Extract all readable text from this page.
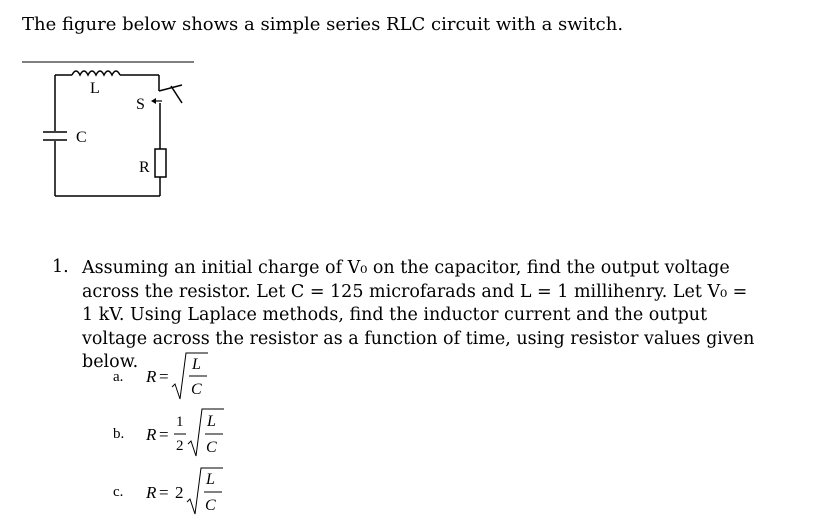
The figure below shows a simple series RLC circuit with a switch.
L
S
C
R
1. Assuming an initial charge of V₀ on the capacitor, find the output voltage across the resistor. Let C = 125 microfarads and L = 1 millihenry. Let V₀ = 1 kV. Using Laplace methods, find the inductor current and the output voltage across the resistor as a function of time, using resistor values given below.
a. R =
L
C
b. R =
1
2
L
C
c. R = 2
L
C
